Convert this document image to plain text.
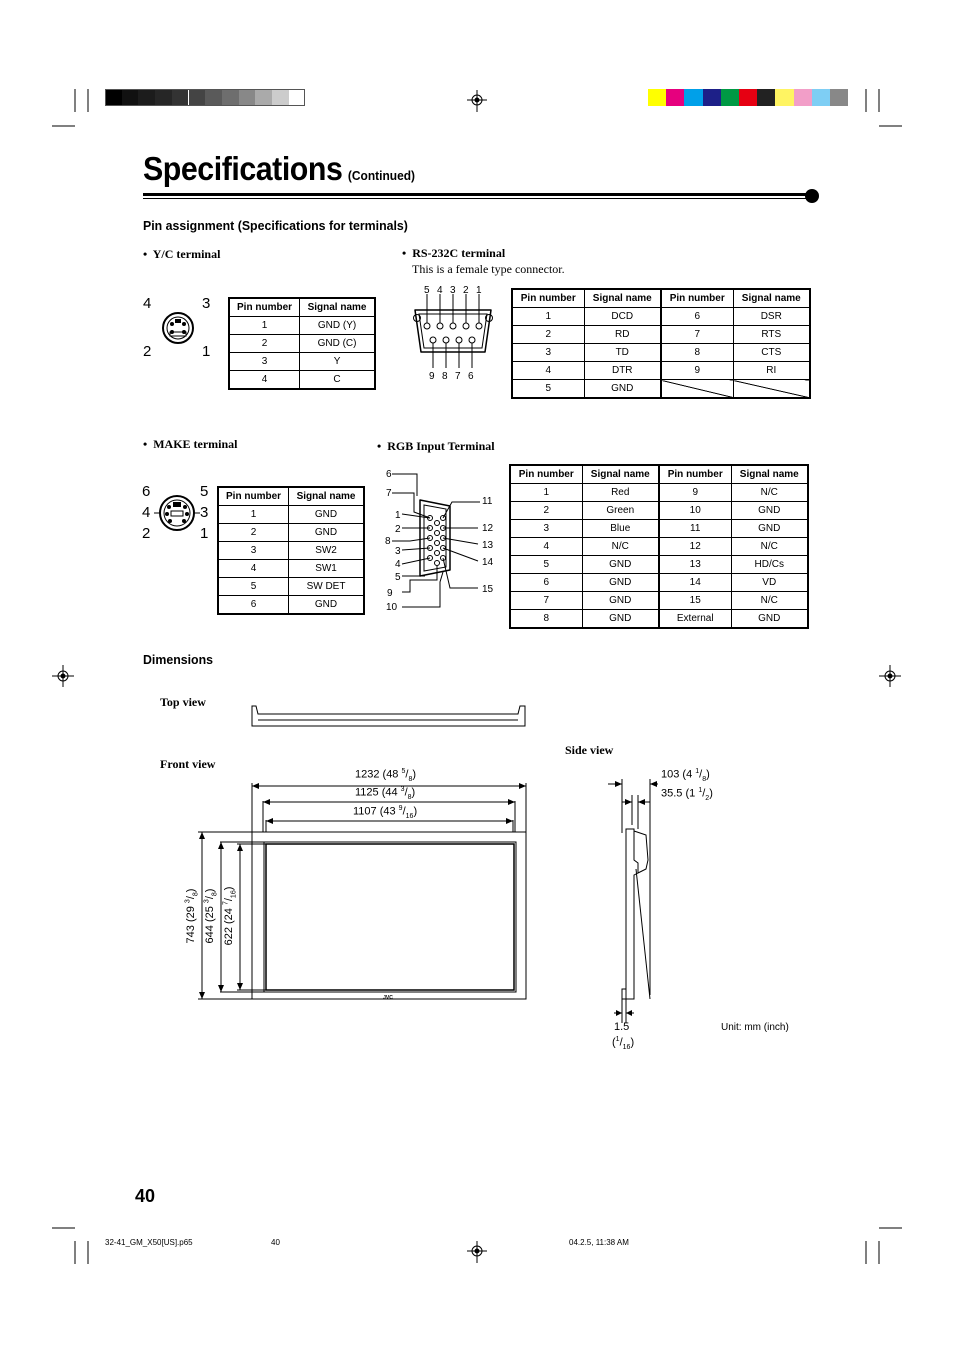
Specifications (Continued)
Pin assignment (Specifications for terminals)
•  Y/C terminal
4	3
2	1
Pin number	Signal name
1	GND (Y)
2	GND (C)
3	Y
4	C
•  RS-232C terminal
This is a female type connector.
5 4 3 2 1
9 8 7 6
Pin number	Signal name	Pin number	Signal name
1	DCD	6	DSR
2	RD	7	RTS
3	TD	8	CTS
4	DTR	9	RI
5	GND		
•  MAKE terminal
6	5
4	3
2	1
Pin number	Signal name
1	GND
2	GND
3	SW2
4	SW1
5	SW DET
6	GND
•  RGB Input Terminal
6
7
1
2
8
3
4
5
9
10
11
12
13
14
15
Pin number	Signal name	Pin number	Signal name
1	Red	9	N/C
2	Green	10	GND
3	Blue	11	GND
4	N/C	12	N/C
5	GND	13	HD/Cs
6	GND	14	VD
7	GND	15	N/C
8	GND	External	GND
Dimensions
Top view
Front view
Side view
JVC
1232 (48 $^5/_8$)
1125 (44 $^3/_8$)
1107 (43 $^9/_{16}$)
743 (29 $^3/_8$)
644 (25 $^3/_8$)
622 (24 $^7/_{16}$)
103 (4 $^1/_8$)
35.5 (1 $^1/_2$)
1.5
$(^1/_{16})$
Unit: mm (inch)
40
32-41_GM_X50[US].p65	40	04.2.5, 11:38 AM
